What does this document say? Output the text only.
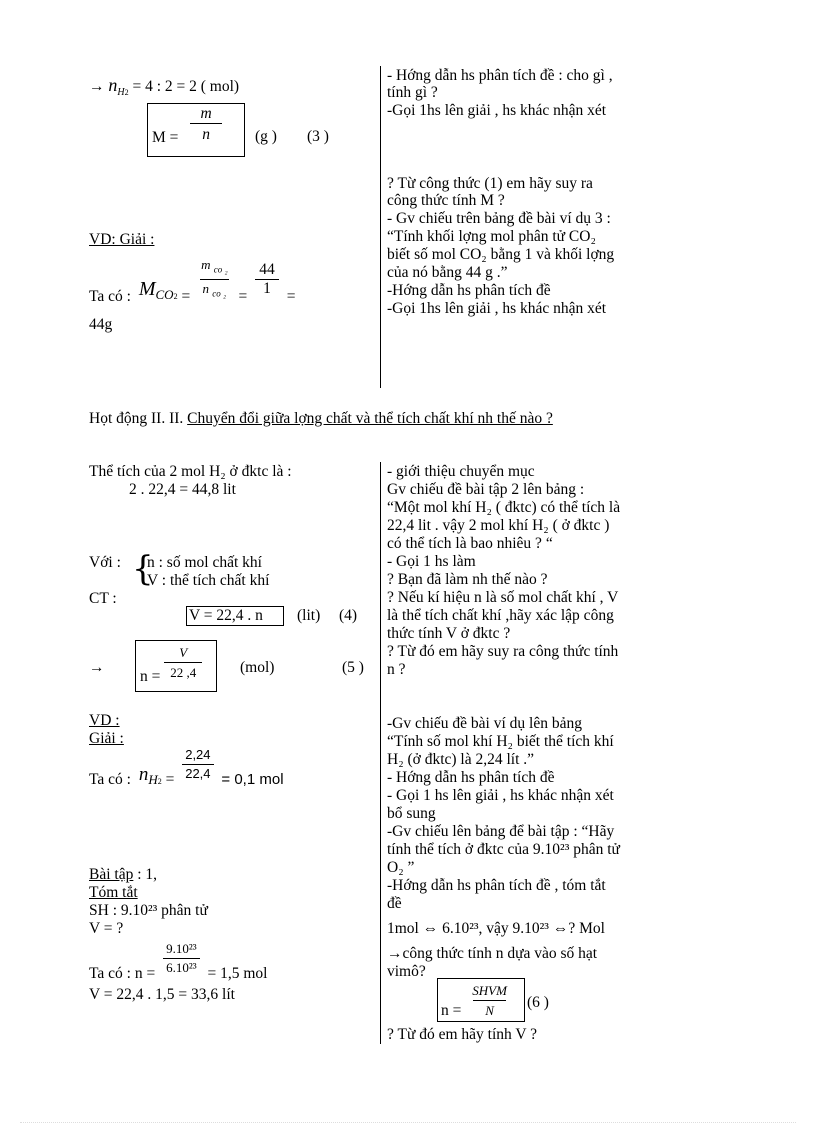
→ $n_{H2} = 4$ : 2 = 2 ( mol)
$M = \frac{m}{n} (g$ ) (3 )
VD: Giải :
Ta có : $M_{CO2} = \frac{m _{co _2}}{n _{co _2}} = \frac{44}{1}$ =
44g
- Hớng dẫn hs phân tích đề : cho gì ,
tính gì ?
-Gọi 1hs lên giải , hs khác nhận xét
? Từ công thức (1) em hãy suy ra
công thức tính M ?
- Gv chiếu trên bảng đề bài ví dụ 3 :
“Tính khối lợng mol phân tử CO₂
biết số mol CO₂ bằng 1 và khối lợng
của nó bằng 44 g .”
-Hớng dẫn hs phân tích đề
-Gọi 1hs lên giải , hs khác nhận xét
Họt động II. II. Chuyển đổi giữa lợng chất và thể tích chất khí nh thế nào ?
Thể tích của 2 mol H₂ ở đktc là :
2 . 22,4 = 44,8 lit
Với : {
n : số mol chất khí
V : thể tích chất khí
CT :
V = 22,4 . n (lit) (4)
→
$n = \frac{V}{22 ,4} (mol)$	(5 )
VD :
Giải :
Ta có : $n_{H2} = \frac{2,24}{22,4} = 0,1$ mol
Bài tập : 1,
Tóm tắt
SH : 9.10²³ phân tử
V = ?
Ta có : $n = \frac{\text{9.10²³}}{\text{6.10²³}} = 1,5$ mol
V = 22,4 . 1,5 = 33,6 lít
- giới thiệu chuyển mục
Gv chiếu đề bài tập 2 lên bảng :
“Một mol khí H₂ ( đktc) có thể tích là
22,4 lit . vậy 2 mol khí H₂ ( ở đktc )
có thể tích là bao nhiêu ? “
- Gọi 1 hs làm
? Bạn đã làm nh thế nào ?
? Nếu kí hiệu n là số mol chất khí , V
là thể tích chất khí ,hãy xác lập công
thức tính V ở đktc ?
? Từ đó em hãy suy ra công thức tính
n ?
-Gv chiếu đề bài ví dụ lên bảng
“Tính số mol khí H₂ biết thể tích khí
H₂ (ở đktc) là 2,24 lít .”
- Hớng dẫn hs phân tích đề
- Gọi 1 hs lên giải , hs khác nhận xét
bổ sung
-Gv chiếu lên bảng để bài tập : “Hãy
tính thể tích ở đktc của 9.10²³ phân tử
O₂ ”
-Hớng dẫn hs phân tích đề , tóm tắt
đề
1mol ⇔ 6.10²³, vậy 9.10²³ ⇔? Mol
→công thức tính n dựa vào số hạt
vimô?
$n = \frac{\text{SHVM}}{N} (6$ )
? Từ đó em hãy tính V ?
